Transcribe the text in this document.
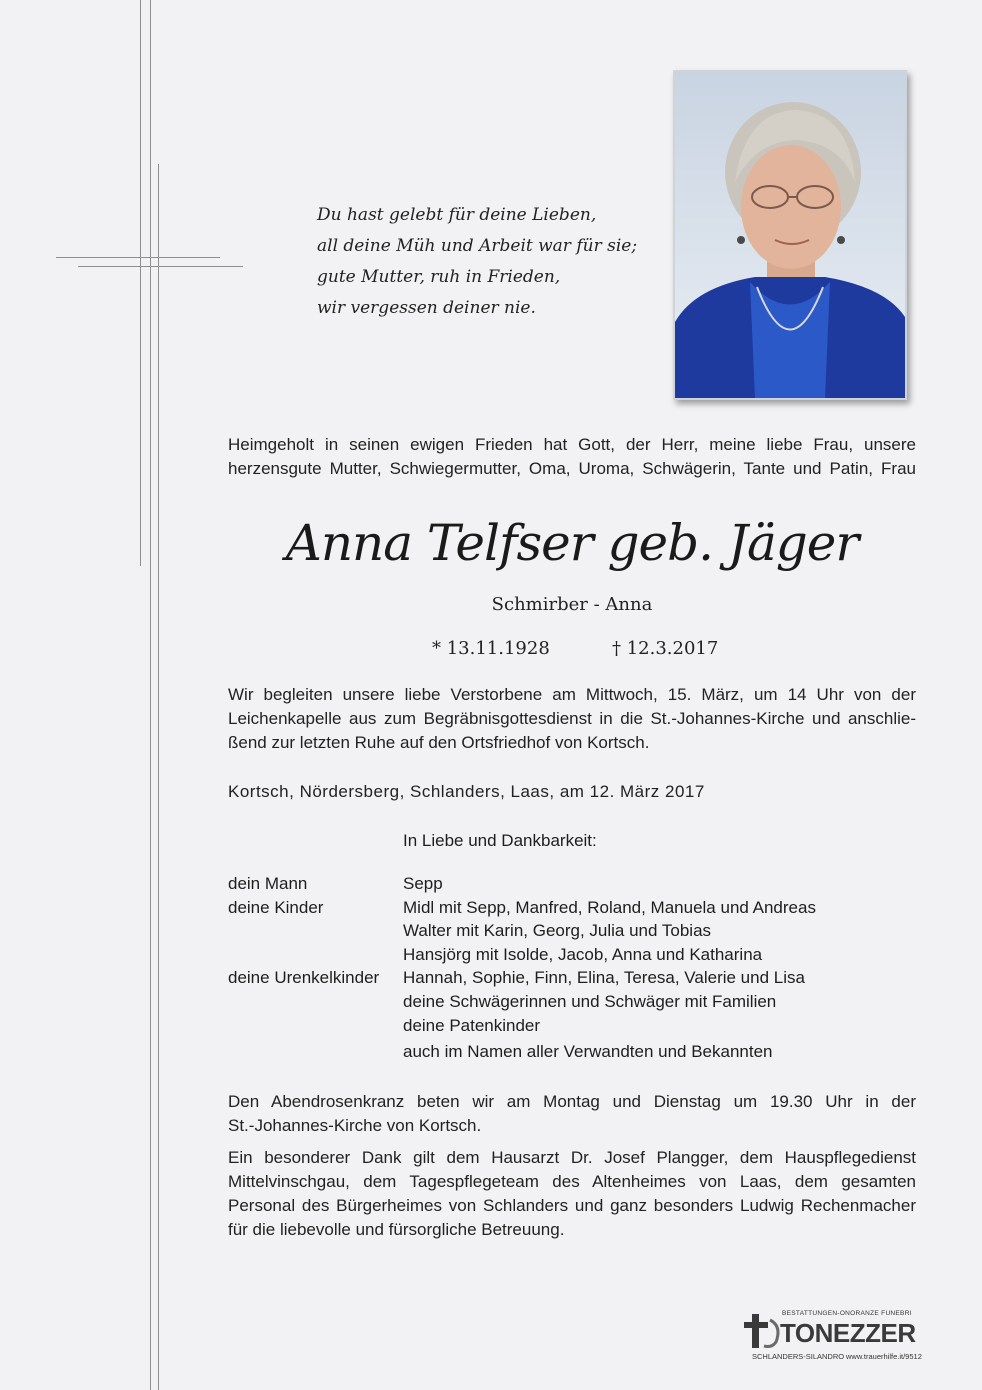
Du hast gelebt für deine Lieben,
all deine Müh und Arbeit war für sie;
gute Mutter, ruh in Frieden,
wir vergessen deiner nie.
Heimgeholt in seinen ewigen Frieden hat Gott, der Herr, meine liebe Frau, unsere
herzensgute Mutter, Schwiegermutter, Oma, Uroma, Schwägerin, Tante und Patin, Frau
Anna Telfser geb. Jäger
Schmirber - Anna
* 13.11.1928	† 12.3.2017
Wir begleiten unsere liebe Verstorbene am Mittwoch, 15. März, um 14 Uhr von der
Leichenkapelle aus zum Begräbnisgottesdienst in die St.-Johannes-Kirche und anschlie-
ßend zur letzten Ruhe auf den Ortsfriedhof von Kortsch.
Kortsch, Nördersberg, Schlanders, Laas, am 12. März 2017
In Liebe und Dankbarkeit:
dein Mann	Sepp
deine Kinder	Midl mit Sepp, Manfred, Roland, Manuela und Andreas
Walter mit Karin, Georg, Julia und Tobias
Hansjörg mit Isolde, Jacob, Anna und Katharina
deine Urenkelkinder Hannah, Sophie, Finn, Elina, Teresa, Valerie und Lisa
deine Schwägerinnen und Schwäger mit Familien
deine Patenkinder
auch im Namen aller Verwandten und Bekannten
Den Abendrosenkranz beten wir am Montag und Dienstag um 19.30 Uhr in der
St.-Johannes-Kirche von Kortsch.
Ein besonderer Dank gilt dem Hausarzt Dr. Josef Plangger, dem Hauspflegedienst
Mittelvinschgau, dem Tagespflegeteam des Altenheimes von Laas, dem gesamten
Personal des Bürgerheimes von Schlanders und ganz besonders Ludwig Rechenmacher
für die liebevolle und fürsorgliche Betreuung.
BESTATTUNGEN-ONORANZE FUNEBRI
TONEZZER
SCHLANDERS-SILANDRO www.trauerhilfe.it/9512
